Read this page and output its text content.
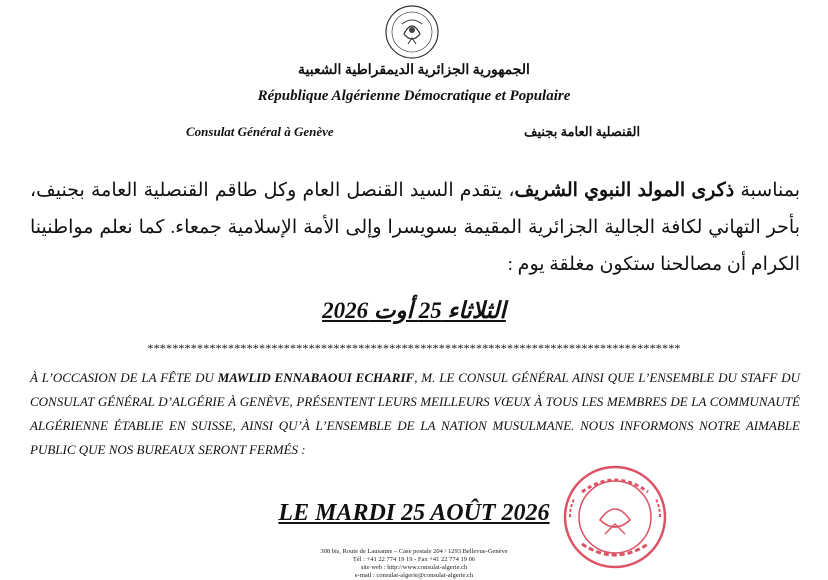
الجمهورية الجزائرية الديمقراطية الشعبية
République Algérienne Démocratique et Populaire
Consulat Général à Genève	القنصلية العامة بجنيف
بمناسبة ذكرى المولد النبوي الشريف، يتقدم السيد القنصل العام وكل طاقم القنصلية العامة بجنيف، بأحر التهاني لكافة الجالية الجزائرية المقيمة بسويسرا وإلى الأمة الإسلامية جمعاء. كما نعلم مواطنينا الكرام أن مصالحنا ستكون مغلقة يوم :
الثلاثاء 25 أوت 2026
**************************************************************************************
À L’OCCASION DE LA FÊTE DU MAWLID ENNABAOUI ECHARIF, M. LE CONSUL GÉNÉRAL AINSI QUE L’ENSEMBLE DU STAFF DU CONSULAT GÉNÉRAL D’ALGÉRIE À GENÈVE, PRÉSENTENT LEURS MEILLEURS VŒUX À TOUS LES MEMBRES DE LA COMMUNAUTÉ ALGÉRIENNE ÉTABLIE EN SUISSE, AINSI QU’À L’ENSEMBLE DE LA NATION MUSULMANE. NOUS INFORMONS NOTRE AIMABLE PUBLIC QUE NOS BUREAUX SERONT FERMÉS :
LE MARDI 25 AOÛT 2026
308 bis, Route de Lausanne – Case postale 204 / 1293 Bellevue-Genève
Tél : +41 22 774 19 19 - Fax +41 22 774 19 06
site web : http://www.consulat-algerie.ch
e-mail : consulat-algerie@consulat-algerie.ch
